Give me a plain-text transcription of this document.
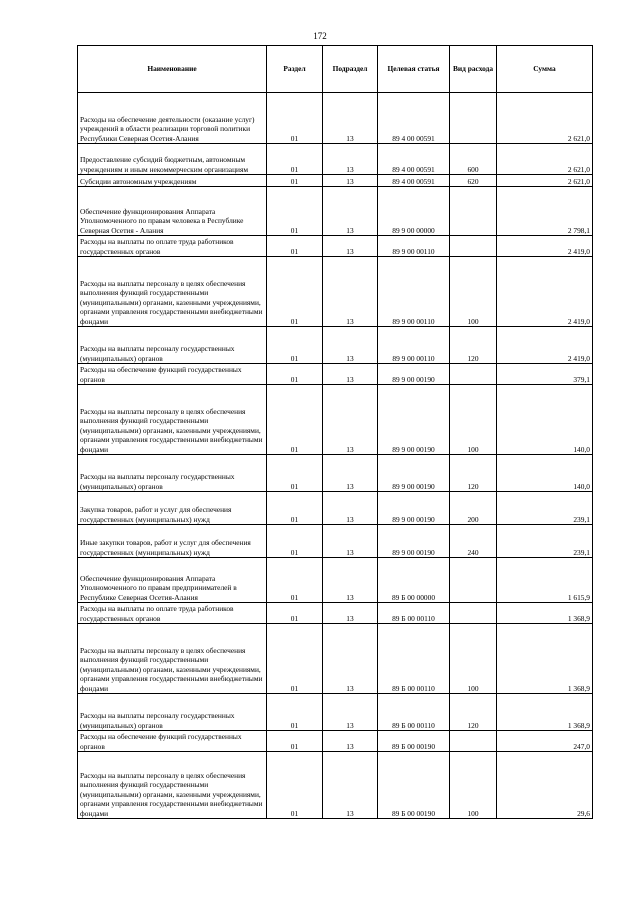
172
Наименование	Раздел	Подраздел	Целевая статья	Вид расхода	Сумма
Расходы на обеспечение деятельности (оказание услуг) учреждений в области реализации торговой политики Республики Северная Осетия-Алания	01	13	89 4 00 00591		2 621,0
Предоставление субсидий бюджетным, автономным учреждениям и иным некоммерческим организациям	01	13	89 4 00 00591	600	2 621,0
Субсидии автономным учреждениям	01	13	89 4 00 00591	620	2 621,0
Обеспечение функционирования Аппарата Уполномоченного по правам человека в Республике Северная Осетия - Алания	01	13	89 9 00 00000		2 798,1
Расходы на выплаты по оплате труда работников государственных органов	01	13	89 9 00 00110		2 419,0
Расходы на выплаты персоналу в целях обеспечения выполнения функций государственными (муниципальными) органами, казенными учреждениями, органами управления государственными внебюджетными фондами	01	13	89 9 00 00110	100	2 419,0
Расходы на выплаты персоналу государственных (муниципальных) органов	01	13	89 9 00 00110	120	2 419,0
Расходы на обеспечение функций государственных органов	01	13	89 9 00 00190		379,1
Расходы на выплаты персоналу в целях обеспечения выполнения функций государственными (муниципальными) органами, казенными учреждениями, органами управления государственными внебюджетными фондами	01	13	89 9 00 00190	100	140,0
Расходы на выплаты персоналу государственных (муниципальных) органов	01	13	89 9 00 00190	120	140,0
Закупка товаров, работ и услуг для обеспечения государственных (муниципальных) нужд	01	13	89 9 00 00190	200	239,1
Иные закупки товаров, работ и услуг для обеспечения государственных (муниципальных) нужд	01	13	89 9 00 00190	240	239,1
Обеспечение функционирования Аппарата Уполномоченного по правам предпринимателей в Республике Северная Осетия-Алания	01	13	89 Б 00 00000		1 615,9
Расходы на выплаты по оплате труда работников государственных органов	01	13	89 Б 00 00110		1 368,9
Расходы на выплаты персоналу в целях обеспечения выполнения функций государственными (муниципальными) органами, казенными учреждениями, органами управления государственными внебюджетными фондами	01	13	89 Б 00 00110	100	1 368,9
Расходы на выплаты персоналу государственных (муниципальных) органов	01	13	89 Б 00 00110	120	1 368,9
Расходы на обеспечение функций государственных органов	01	13	89 Б 00 00190		247,0
Расходы на выплаты персоналу в целях обеспечения выполнения функций государственными (муниципальными) органами, казенными учреждениями, органами управления государственными внебюджетными фондами	01	13	89 Б 00 00190	100	29,6
